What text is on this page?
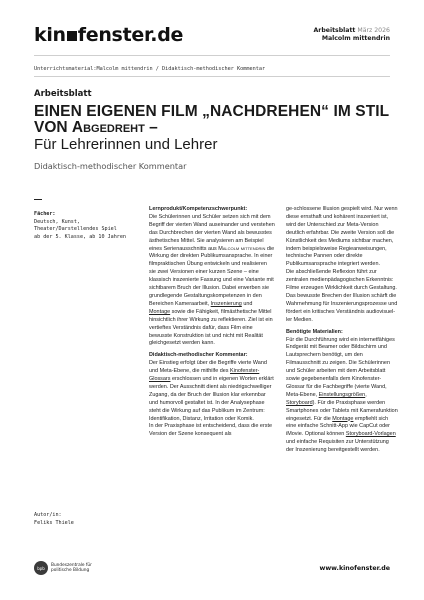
kin fenster.de	Arbeitsblatt März 2026
Malcolm mittendrin
Unterrichtsmaterial:Malcolm mittendrin / Didaktisch-methodischer Kommentar
Arbeitsblatt
EINEN EIGENEN FILM „NACHDREHEN“ IM STIL
VON Abgedreht –
Für Lehrerinnen und Lehrer
Didaktisch-methodischer Kommentar
Fächer:
Deutsch, Kunst, Theater/Darstellendes Spiel
ab der 5. Klasse, ab 10 Jahren
Autor/in:
Feliks Thiele

Lernprodukt/Kompetenzschwerpunkt:

Die Schülerinnen und Schüler setzen sich mit dem Begriff der vierten Wand auseinander und verstehen das Durchbrechen der vierten Wand als bewusstes ästhetisches Mittel. Sie analysieren am Beispiel eines Serienausschnitts aus Malcolm mittendrin die Wirkung der direkten Publikumsansprache. In einer filmpraktischen Übung entwickeln und realisieren sie zwei Versionen einer kurzen Szene – eine klassisch inszenierte Fassung und eine Variante mit sichtbarem Bruch der Illusion. Dabei erwerben sie grundlegende Gestaltungskompetenzen in den Bereichen Kameraarbeit, Inszenierung und Montage sowie die Fähigkeit, filmästhetische Mittel hinsichtlich ihrer Wirkung zu reflektieren. Ziel ist ein vertieftes Verständnis dafür, dass Film eine bewusste Konstruktion ist und nicht mit Realität gleichgesetzt werden kann.

Didaktisch-methodischer Kommentar:

Der Einstieg erfolgt über die Begriffe vierte Wand und Meta-Ebene, die mithilfe des Kinofenster-Glossars erschlossen und in eigenen Worten erklärt werden. Der Ausschnitt dient als niedrigschwelliger Zugang, da der Bruch der Illusion klar erkennbar und humorvoll gestaltet ist. In der Analysephase steht die Wirkung auf das Publikum im Zentrum: Identifikation, Distanz, Irritation oder Komik.

In der Praxisphase ist entscheidend, dass die erste Version der Szene konsequent als

ge-schlossene Illusion gespielt wird. Nur wenn diese ernsthaft und kohärent inszeniert ist, wird der Unterschied zur Meta-Version deutlich erfahrbar. Die zweite Version soll die Künstlichkeit des Mediums sichtbar machen, indem beispielsweise Regieanweisungen, technische Pannen oder direkte Publikumsansprache integriert werden.

Die abschließende Reflexion führt zur zentralen medienpädagogischen Erkenntnis: Filme erzeugen Wirklichkeit durch Gestaltung. Das bewusste Brechen der Illusion schärft die Wahrnehmung für Inszenierungsprozesse und fördert ein kritisches Verständnis audiovisuel-ler Medien.

Benötigte Materialien:

Für die Durchführung wird ein internetfähiges Endgerät mit Beamer oder Bildschirm und Lautsprechern benötigt, um den Filmausschnitt zu zeigen. Die Schülerinnen und Schüler arbeiten mit dem Arbeitsblatt sowie gegebenenfalls dem Kinofenster-Glossar für die Fachbegriffe (vierte Wand, Meta-Ebene, Einstellungsgrößen, Storyboard). Für die Praxisphase werden Smartphones oder Tablets mit Kamerafunktion eingesetzt. Für die Montage empfiehlt sich eine einfache Schnitt-App wie CapCut oder iMovie. Optional können Storyboard-Vorlagen und einfache Requisiten zur Unterstützung der Inszenierung bereitgestellt werden.

bpb	Bundeszentrale für
politische Bildung	www.kinofenster.de
